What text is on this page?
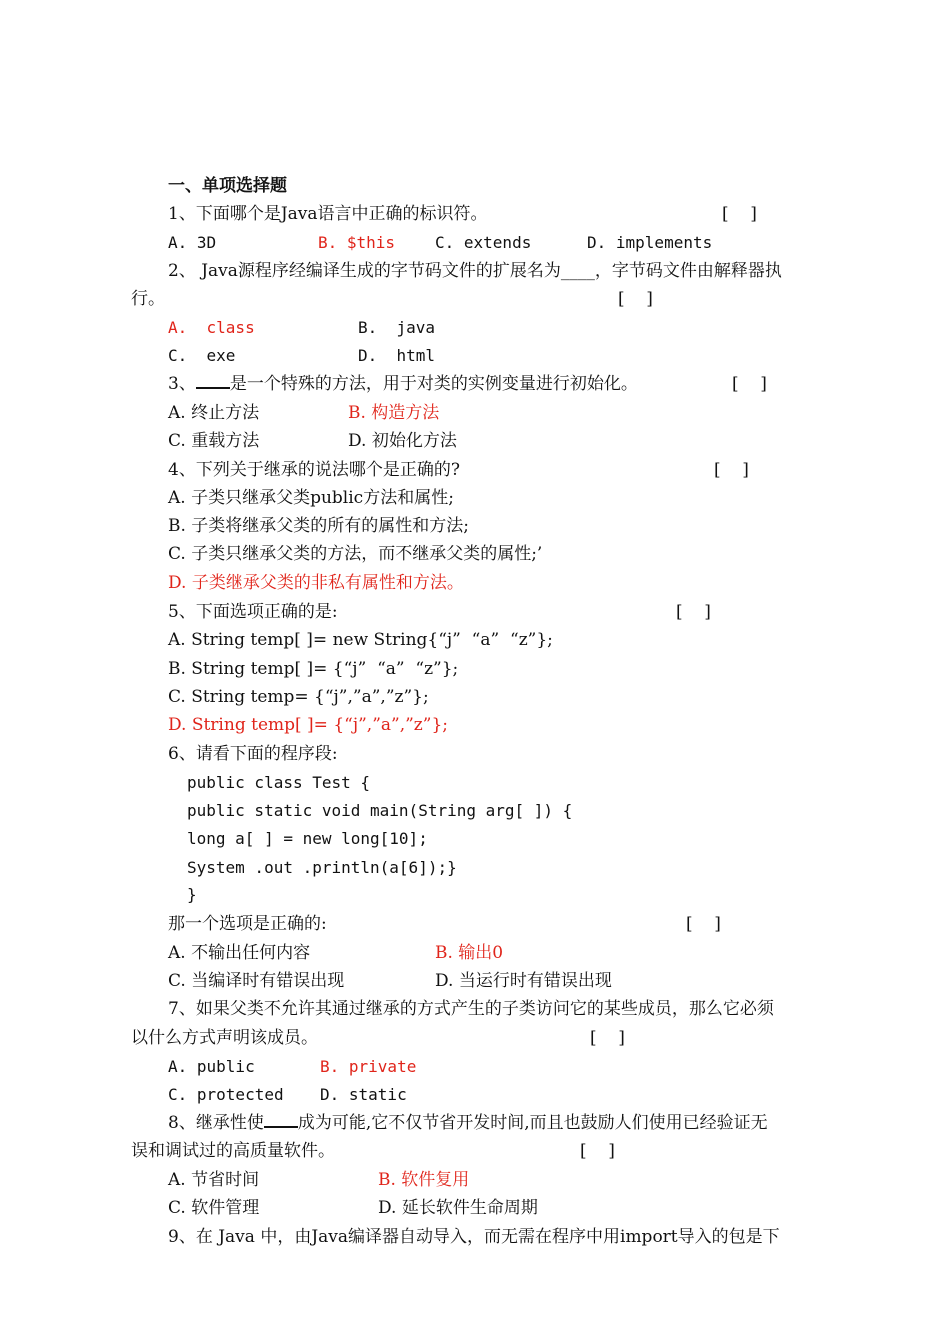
一、单项选择题
1、下面哪个是Java语言中正确的标识符。	[    ]
A. 3D	B. $this C. extends	D. implements
2、 Java源程序经编译生成的字节码文件的扩展名为____，字节码文件由解释器执
行。	[    ]
A.  class	B.  java
C.  exe	D.  html
3、 是一个特殊的方法，用于对类的实例变量进行初始化。	[    ]
A. 终止方法	B. 构造方法
C. 重载方法	D. 初始化方法
4、下列关于继承的说法哪个是正确的?	[    ]
A. 子类只继承父类public方法和属性;
B. 子类将继承父类的所有的属性和方法;
C. 子类只继承父类的方法，而不继承父类的属性;’
D. 子类继承父类的非私有属性和方法。
5、下面选项正确的是:	[    ]
A. String temp[ ]= new String{“j”  “a”  “z”};
B. String temp[ ]= {“j”  “a”  “z”};
C. String temp= {“j”,”a”,”z”};
D. String temp[ ]= {“j”,”a”,”z”};
6、请看下面的程序段:
public class Test {
public static void main(String arg[ ]) {
long a[ ] = new long[10];
System .out .println(a[6]);}
}
那一个选项是正确的:	[    ]
A. 不输出任何内容	B. 输出0
C. 当编译时有错误出现	D. 当运行时有错误出现
7、如果父类不允许其通过继承的方式产生的子类访问它的某些成员，那么它必须
以什么方式声明该成员。	[    ]
A. public	B. private
C. protected D. static
8、继承性使 成为可能,它不仅节省开发时间,而且也鼓励人们使用已经验证无
误和调试过的高质量软件。	[    ]
A. 节省时间	B. 软件复用
C. 软件管理	D. 延长软件生命周期
9、在 Java 中，由Java编译器自动导入，而无需在程序中用import导入的包是下
